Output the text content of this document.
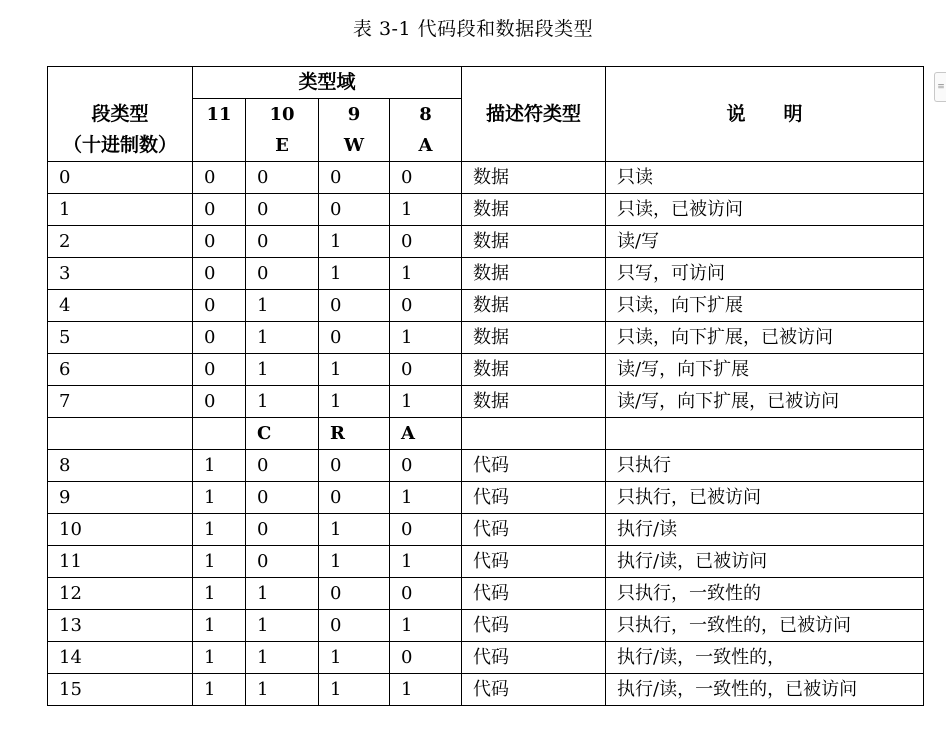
表 3-1 代码段和数据段类型
≡
	类型域					
段类型	11	10	9	8	描述符类型	说　　明
（十进制数）		E	W	A		
0	0	0	0	0	数据	只读
1	0	0	0	1	数据	只读，已被访问
2	0	0	1	0	数据	读/写
3	0	0	1	1	数据	只写，可访问
4	0	1	0	0	数据	只读，向下扩展
5	0	1	0	1	数据	只读，向下扩展，已被访问
6	0	1	1	0	数据	读/写，向下扩展
7	0	1	1	1	数据	读/写，向下扩展，已被访问
		C	R	A		
8	1	0	0	0	代码	只执行
9	1	0	0	1	代码	只执行，已被访问
10	1	0	1	0	代码	执行/读
11	1	0	1	1	代码	执行/读，已被访问
12	1	1	0	0	代码	只执行，一致性的
13	1	1	0	1	代码	只执行，一致性的，已被访问
14	1	1	1	0	代码	执行/读，一致性的，
15	1	1	1	1	代码	执行/读，一致性的，已被访问
